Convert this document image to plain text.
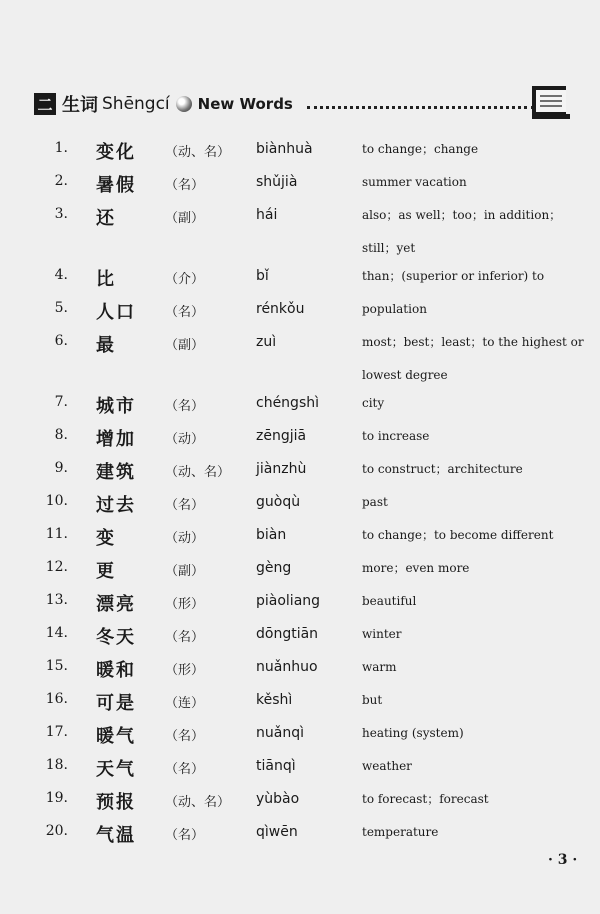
二 生词 Shēngcí New Words
1. 变化 （动、名） biànhuà	to change；change
2. 暑假 （名）	shǔjià	summer vacation
3. 还	（副）	hái	also；as well；too；in addition；still；yet
4. 比	（介）	bǐ	than；(superior or inferior) to
5. 人口 （名）	rénkǒu	population
6. 最	（副）	zuì	most；best；least；to the highest or lowest degree
7. 城市 （名）	chéngshì	city
8. 增加 （动）	zēngjiā	to increase
9. 建筑 （动、名） jiànzhù	to construct；architecture
10. 过去 （名）	guòqù	past
11. 变	（动）	biàn	to change；to become different
12. 更	（副）	gèng	more；even more
13. 漂亮 （形）	piàoliang	beautiful
14. 冬天 （名）	dōngtiān	winter
15. 暖和 （形）	nuǎnhuo	warm
16. 可是 （连）	kěshì	but
17. 暖气 （名）	nuǎnqì	heating (system)
18. 天气 （名）	tiānqì	weather
19. 预报 （动、名） yùbào	to forecast；forecast
20. 气温 （名）	qìwēn	temperature
· 3 ·
